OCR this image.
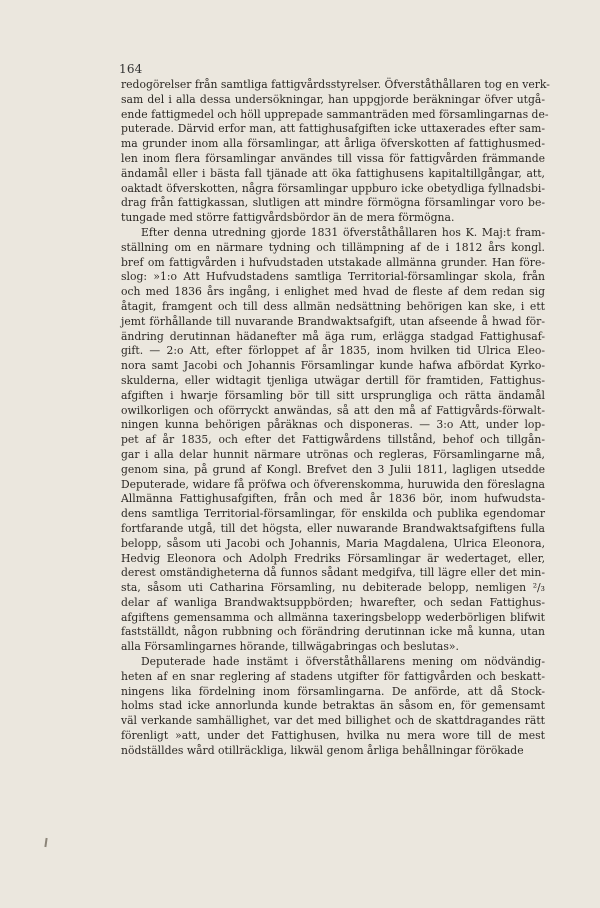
164
redogörelser från samtliga fattigvårdsstyrelser. Öfverståthållaren tog en verk-
sam del i alla dessa undersökningar, han uppgjorde beräkningar öfver utgå-
ende fattigmedel och höll upprepade sammanträden med församlingarnas de-
puterade. Därvid erfor man, att fattighusafgiften icke uttaxerades efter sam-
ma grunder inom alla församlingar, att årliga öfverskotten af fattighusmed-
len inom flera församlingar användes till vissa för fattigvården främmande
ändamål eller i bästa fall tjänade att öka fattighusens kapitaltillgångar, att,
oaktadt öfverskotten, några församlingar uppburo icke obetydliga fyllnadsbi-
drag från fattigkassan, slutligen att mindre förmögna församlingar voro be-
tungade med större fattigvårdsbördor än de mera förmögna.
Efter denna utredning gjorde 1831 öfverståthållaren hos K. Maj:t fram-
ställning om en närmare tydning och tillämpning af de i 1812 års kongl.
bref om fattigvården i hufvudstaden utstakade allmänna grunder. Han före-
slog: »1:o Att Hufvudstadens samtliga Territorial-församlingar skola, från
och med 1836 års ingång, i enlighet med hvad de fleste af dem redan sig
åtagit, framgent och till dess allmän nedsättning behörigen kan ske, i ett
jemt förhållande till nuvarande Brandwaktsafgift, utan afseende å hwad för-
ändring derutinnan hädanefter må äga rum, erlägga stadgad Fattighusaf-
gift. — 2:o Att, efter förloppet af år 1835, inom hvilken tid Ulrica Eleo-
nora samt Jacobi och Johannis Församlingar kunde hafwa afbördat Kyrko-
skulderna, eller widtagit tjenliga utwägar dertill för framtiden, Fattighus-
afgiften i hwarje församling bör till sitt ursprungliga och rätta ändamål
owilkorligen och oförryckt anwändas, så att den må af Fattigvårds-förwalt-
ningen kunna behörigen påräknas och disponeras. — 3:o Att, under lop-
pet af år 1835, och efter det Fattigwårdens tillstånd, behof och tillgån-
gar i alla delar hunnit närmare utrönas och regleras, Församlingarne må,
genom sina, på grund af Kongl. Brefvet den 3 Julii 1811, lagligen utsedde
Deputerade, widare få pröfwa och öfverenskomma, huruwida den föreslagna
Allmänna Fattighusafgiften, från och med år 1836 bör, inom hufwudsta-
dens samtliga Territorial-församlingar, för enskilda och publika egendomar
fortfarande utgå, till det högsta, eller nuwarande Brandwaktsafgiftens fulla
belopp, såsom uti Jacobi och Johannis, Maria Magdalena, Ulrica Eleonora,
Hedvig Eleonora och Adolph Fredriks Församlingar är wedertaget, eller,
derest omständigheterna då funnos sådant medgifva, till lägre eller det min-
sta, såsom uti Catharina Församling, nu debiterade belopp, nemligen ²/₃
delar af wanliga Brandwaktsuppbörden; hwarefter, och sedan Fattighus-
afgiftens gemensamma och allmänna taxeringsbelopp wederbörligen blifwit
fastställdt, någon rubbning och förändring derutinnan icke må kunna, utan
alla Församlingarnes hörande, tillwägabringas och beslutas».
Deputerade hade instämt i öfverståthållarens mening om nödvändig-
heten af en snar reglering af stadens utgifter för fattigvården och beskatt-
ningens lika fördelning inom församlingarna. De anförde, att då Stock-
holms stad icke annorlunda kunde betraktas än såsom en, för gemensamt
väl verkande samhällighet, var det med billighet och de skattdragandes rätt
förenligt »att, under det Fattighusen, hvilka nu mera wore till de mest
nödställdes wård otillräckliga, likwäl genom årliga behållningar förökade
